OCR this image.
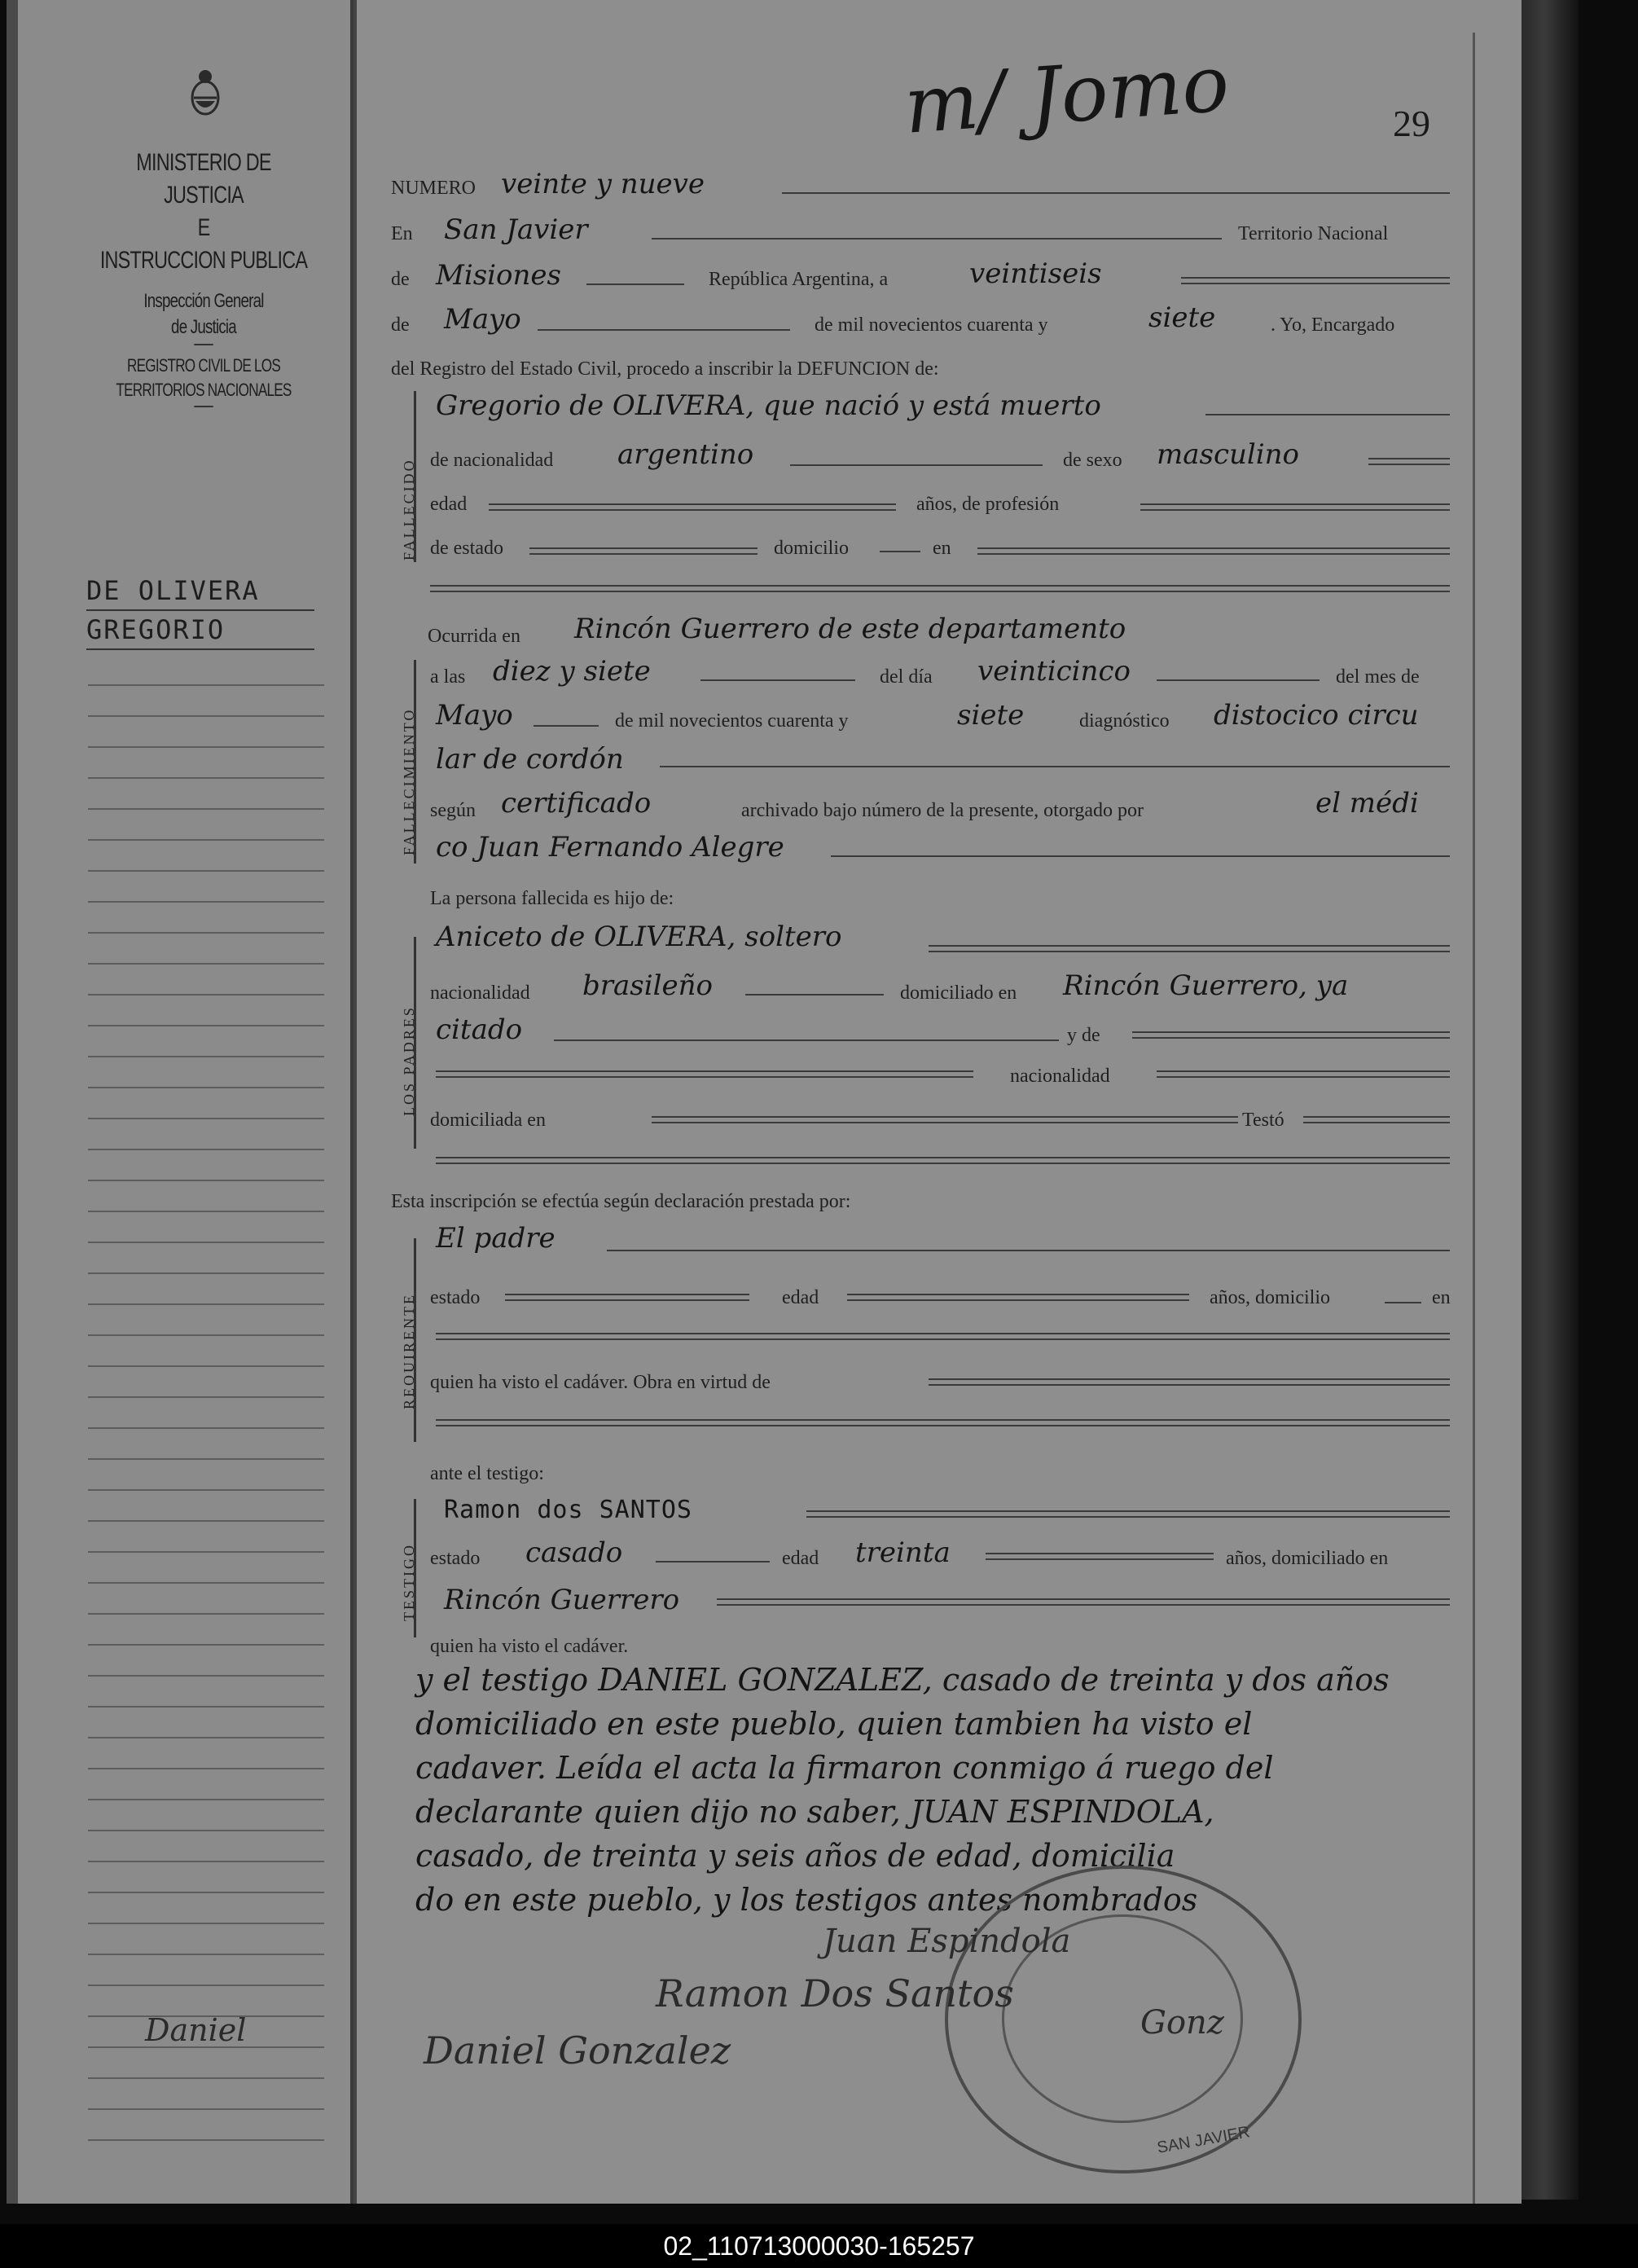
MINISTERIO DE JUSTICIA
E
INSTRUCCION PUBLICA
Inspección General
de Justicia
REGISTRO CIVIL DE LOS
TERRITORIOS NACIONALES
DE OLIVERA
GREGORIO
Daniel
m/ Jomo	29
NUMERO veinte y nueve
En San Javier	Territorio Nacional
de Misiones	República Argentina, a	veintiseis
de Mayo	de mil novecientos cuarenta y	siete	. Yo, Encargado
del Registro del Estado Civil, procedo a inscribir la DEFUNCION de:
FALLECIDO
Gregorio de OLIVERA, que nació y está muerto
de nacionalidad argentino	de sexo masculino
edad	años, de profesión
de estado	domicilio	en
FALLECIMIENTO
Ocurrida en Rincón Guerrero de este departamento
a las diez y siete	del día veinticinco	del mes de
Mayo	de mil novecientos cuarenta y	siete	diagnóstico distocico circu
lar de cordón
según certificado	archivado bajo número de la presente, otorgado por	el médi
co Juan Fernando Alegre
LOS PADRES
La persona fallecida es hijo de:
Aniceto de OLIVERA, soltero
nacionalidad brasileño	domiciliado en Rincón Guerrero, ya
citado	y de
nacionalidad
domiciliada en	Testó
Esta inscripción se efectúa según declaración prestada por:
REQUIRENTE
El padre
estado	edad	años, domicilio	en
quien ha visto el cadáver. Obra en virtud de
ante el testigo:
TESTIGO
Ramon dos SANTOS
estado casado	edad treinta	años, domiciliado en
Rincón Guerrero
quien ha visto el cadáver.
y el testigo DANIEL GONZALEZ, casado de treinta y dos años
domiciliado en este pueblo, quien tambien ha visto el
cadaver. Leída el acta la firmaron conmigo á ruego del
declarante quien dijo no saber, JUAN ESPINDOLA,
casado, de treinta y seis años de edad, domicilia
do en este pueblo, y los testigos antes nombrados
SAN JAVIER
Juan Espindola
Ramon Dos Santos
Daniel Gonzalez
Gonz
02_110713000030-165257
